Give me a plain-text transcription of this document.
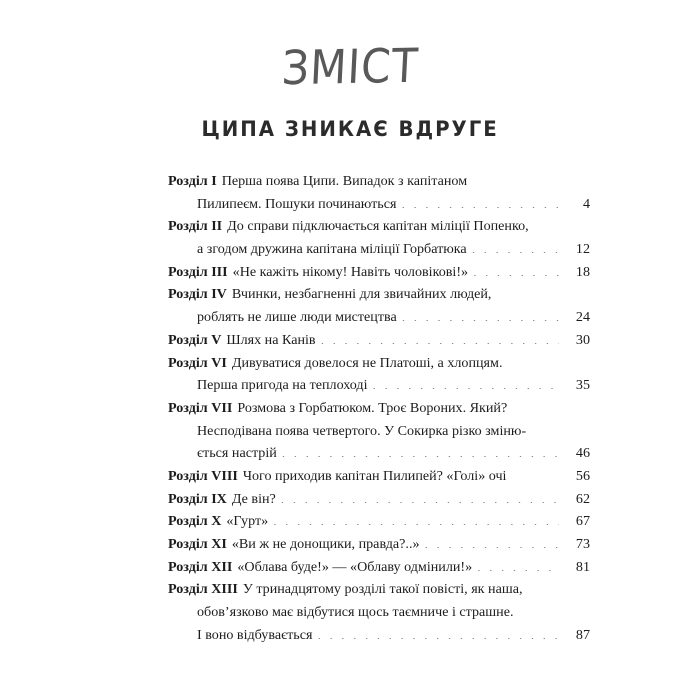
ЗМІСТ
ЦИПА ЗНИКАЄ ВДРУГЕ
Розділ I Перша поява Ципи. Випадок з капітаном
Пилипеєм. Пошуки починаються . . .	4
Розділ II До справи підключається капітан міліції Попенко,
а згодом дружина капітана міліції Горбатюка . . .	12
Розділ III «Не кажіть нікому! Навіть чоловікові!» . . .	18
Розділ IV Вчинки, незбагненні для звичайних людей,
роблять не лише люди мистецтва . . .	24
Розділ V Шлях на Канів . . .	30
Розділ VI Дивуватися довелося не Платоші, а хлопцям.
Перша пригода на теплоході . . .	35
Розділ VII Розмова з Горбатюком. Троє Вороних. Який?
Несподівана поява четвертого. У Сокирка різко зміню-
ється настрій . . .	46
Розділ VIII Чого приходив капітан Пилипей? «Голі» очі	56
Розділ IX Де він? . . .	62
Розділ X «Гурт» . . .	67
Розділ XI «Ви ж не донощики, правда?..» . . .	73
Розділ XII «Облава буде!» — «Облаву одмінили!» . . .	81
Розділ XIII У тринадцятому розділі такої повісті, як наша,
обов’язково має відбутися щось таємниче і страшне.
І воно відбувається . . .	87
